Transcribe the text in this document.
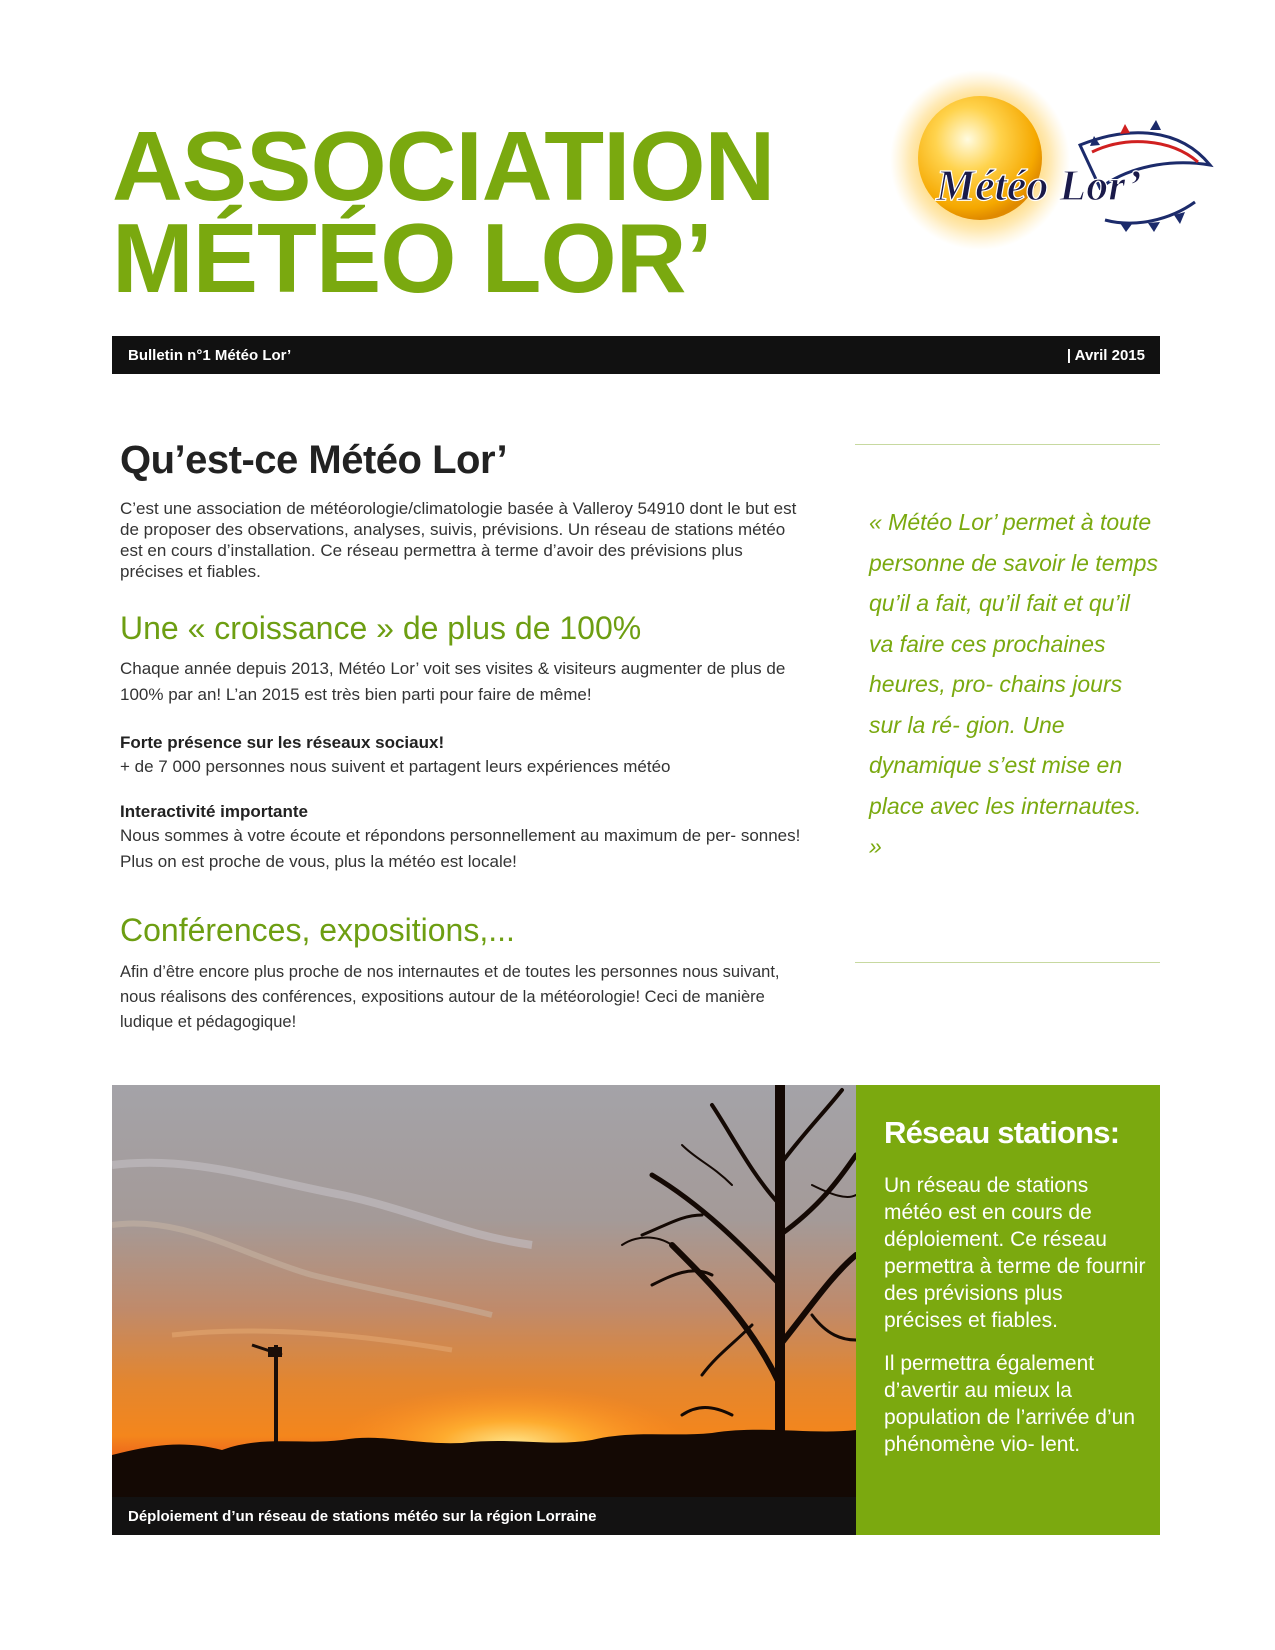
ASSOCIATION
MÉTÉO LOR’
Météo Lor’
Bulletin n°1 Météo Lor’	| Avril 2015
Qu’est-ce Météo Lor’
C’est une association de météorologie/climatologie basée à Valleroy 54910 dont le but est de proposer des observations, analyses, suivis, prévisions. Un réseau de stations météo est en cours d’installation. Ce réseau permettra à terme d’avoir des prévisions plus précises et fiables.
Une « croissance » de plus de 100%
Chaque année depuis 2013, Météo Lor’ voit ses visites & visiteurs augmenter de plus de 100% par an! L’an 2015 est très bien parti pour faire de même!
Forte présence sur les réseaux sociaux!
+ de 7 000 personnes nous suivent et partagent leurs expériences météo
Interactivité importante
Nous sommes à votre écoute et répondons personnellement au maximum de per- sonnes! Plus on est proche de vous, plus la météo est locale!
Conférences, expositions,...
Afin d’être encore plus proche de nos internautes et de toutes les personnes nous suivant, nous réalisons des conférences, expositions autour de la météorologie! Ceci de manière ludique et pédagogique!
« Météo Lor’ permet à toute personne de savoir le temps qu’il a fait, qu’il fait et qu’il va faire ces prochaines heures, pro- chains jours sur la ré- gion. Une dynamique s’est mise en place avec les internautes. »
Déploiement d’un réseau de stations météo sur la région Lorraine
Réseau stations:
Un réseau de stations météo est en cours de déploiement. Ce réseau permettra à terme de fournir des prévisions plus précises et fiables.
Il permettra également d’avertir au mieux la population de l’arrivée d’un phénomène vio- lent.
